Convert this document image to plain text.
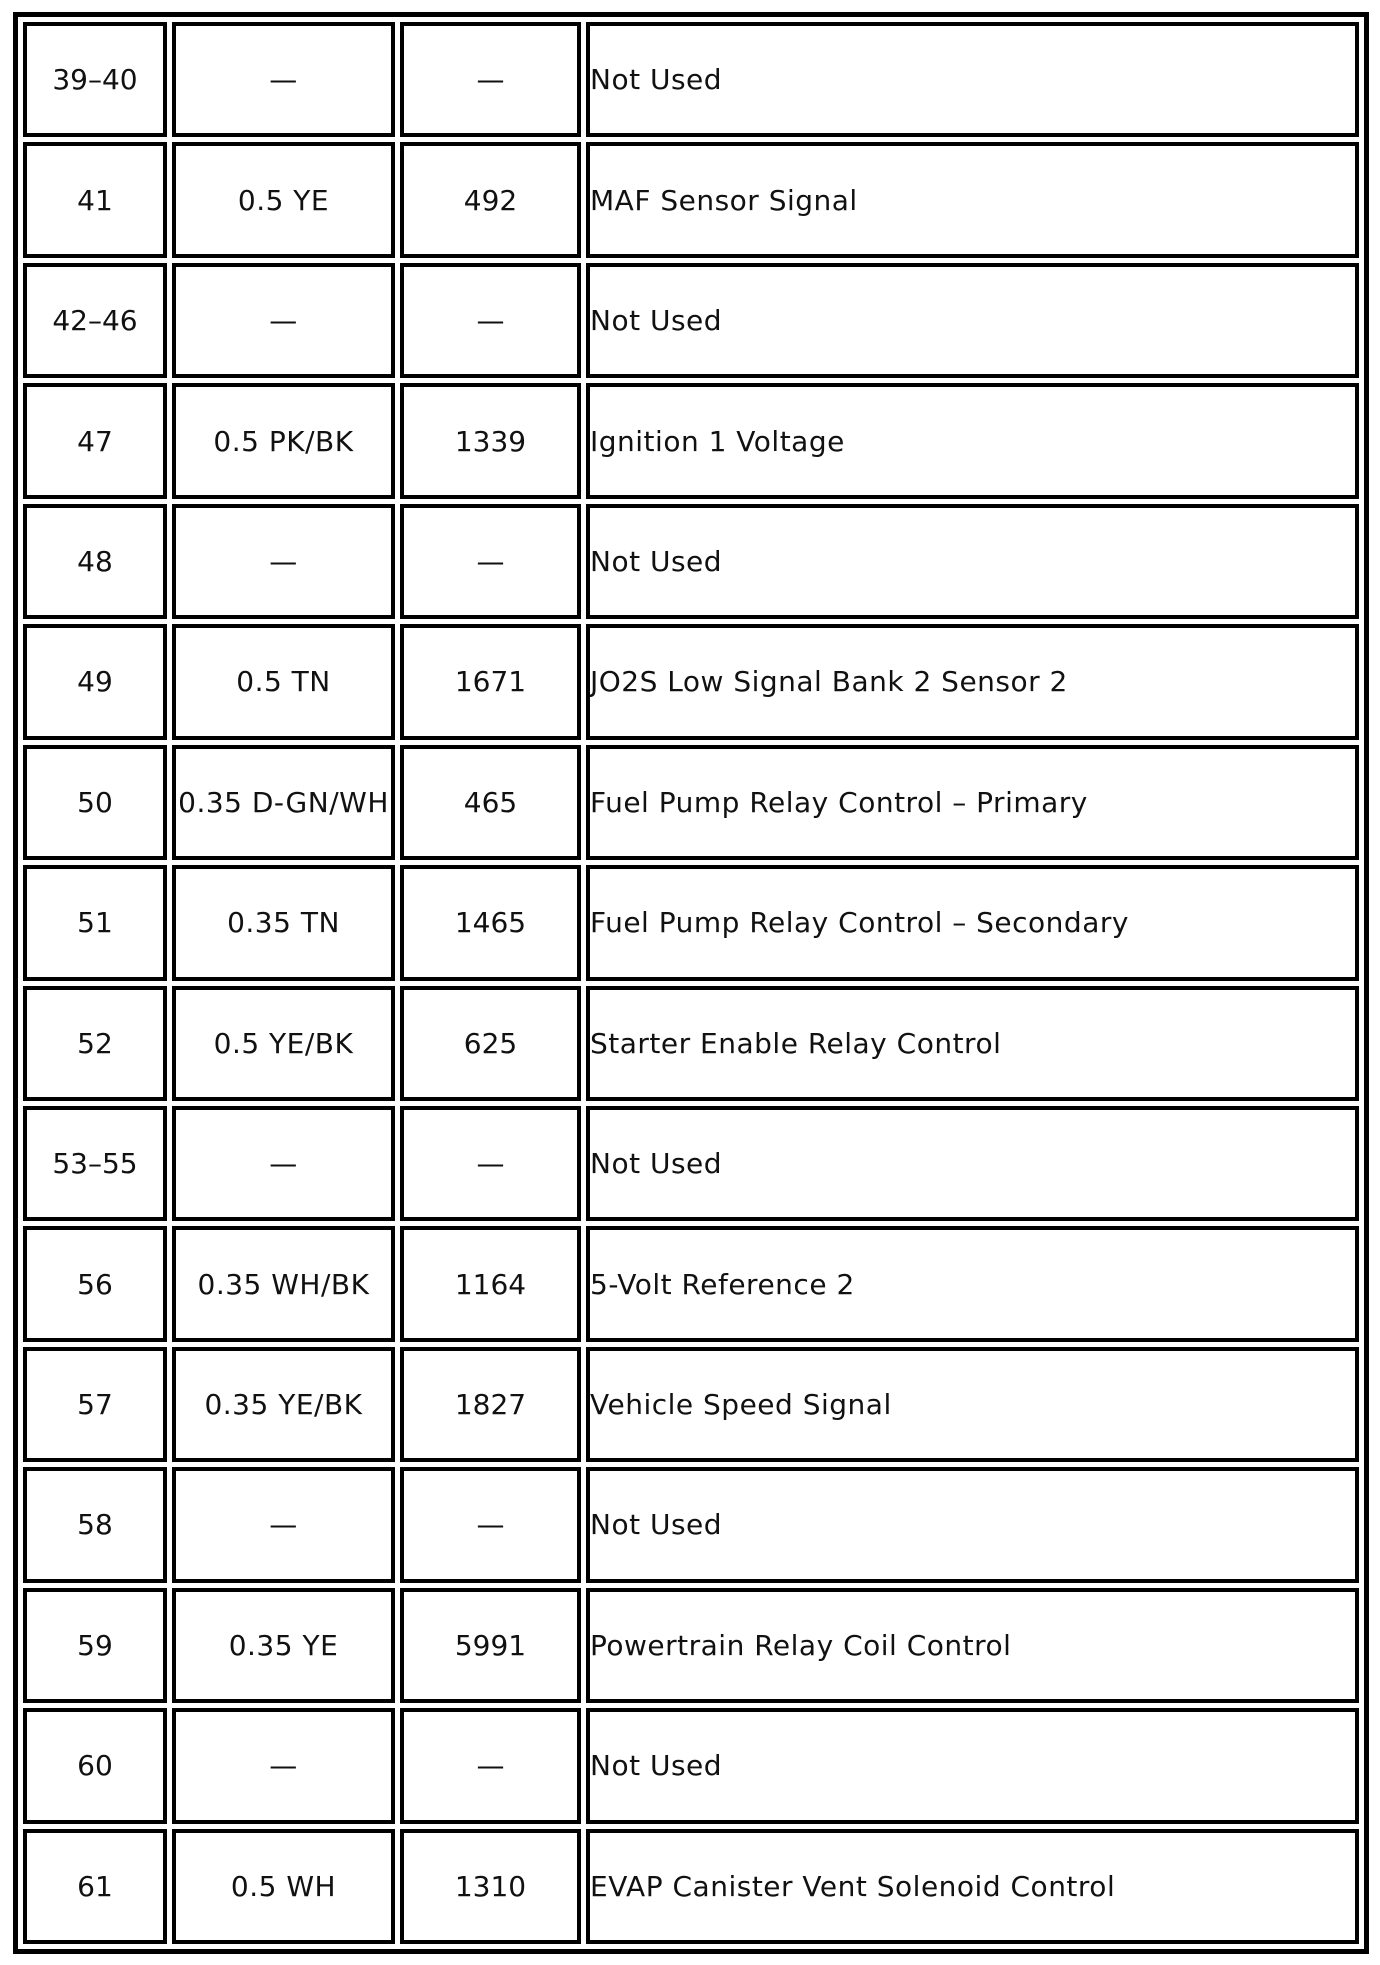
39–40	—	—	Not Used
41	0.5 YE	492	MAF Sensor Signal
42–46	—	—	Not Used
47	0.5 PK/BK	1339	Ignition 1 Voltage
48	—	—	Not Used
49	0.5 TN	1671	JO2S Low Signal Bank 2 Sensor 2
50	0.35 D-GN/WH	465	Fuel Pump Relay Control – Primary
51	0.35 TN	1465	Fuel Pump Relay Control – Secondary
52	0.5 YE/BK	625	Starter Enable Relay Control
53–55	—	—	Not Used
56	0.35 WH/BK	1164	5-Volt Reference 2
57	0.35 YE/BK	1827	Vehicle Speed Signal
58	—	—	Not Used
59	0.35 YE	5991	Powertrain Relay Coil Control
60	—	—	Not Used
61	0.5 WH	1310	EVAP Canister Vent Solenoid Control
